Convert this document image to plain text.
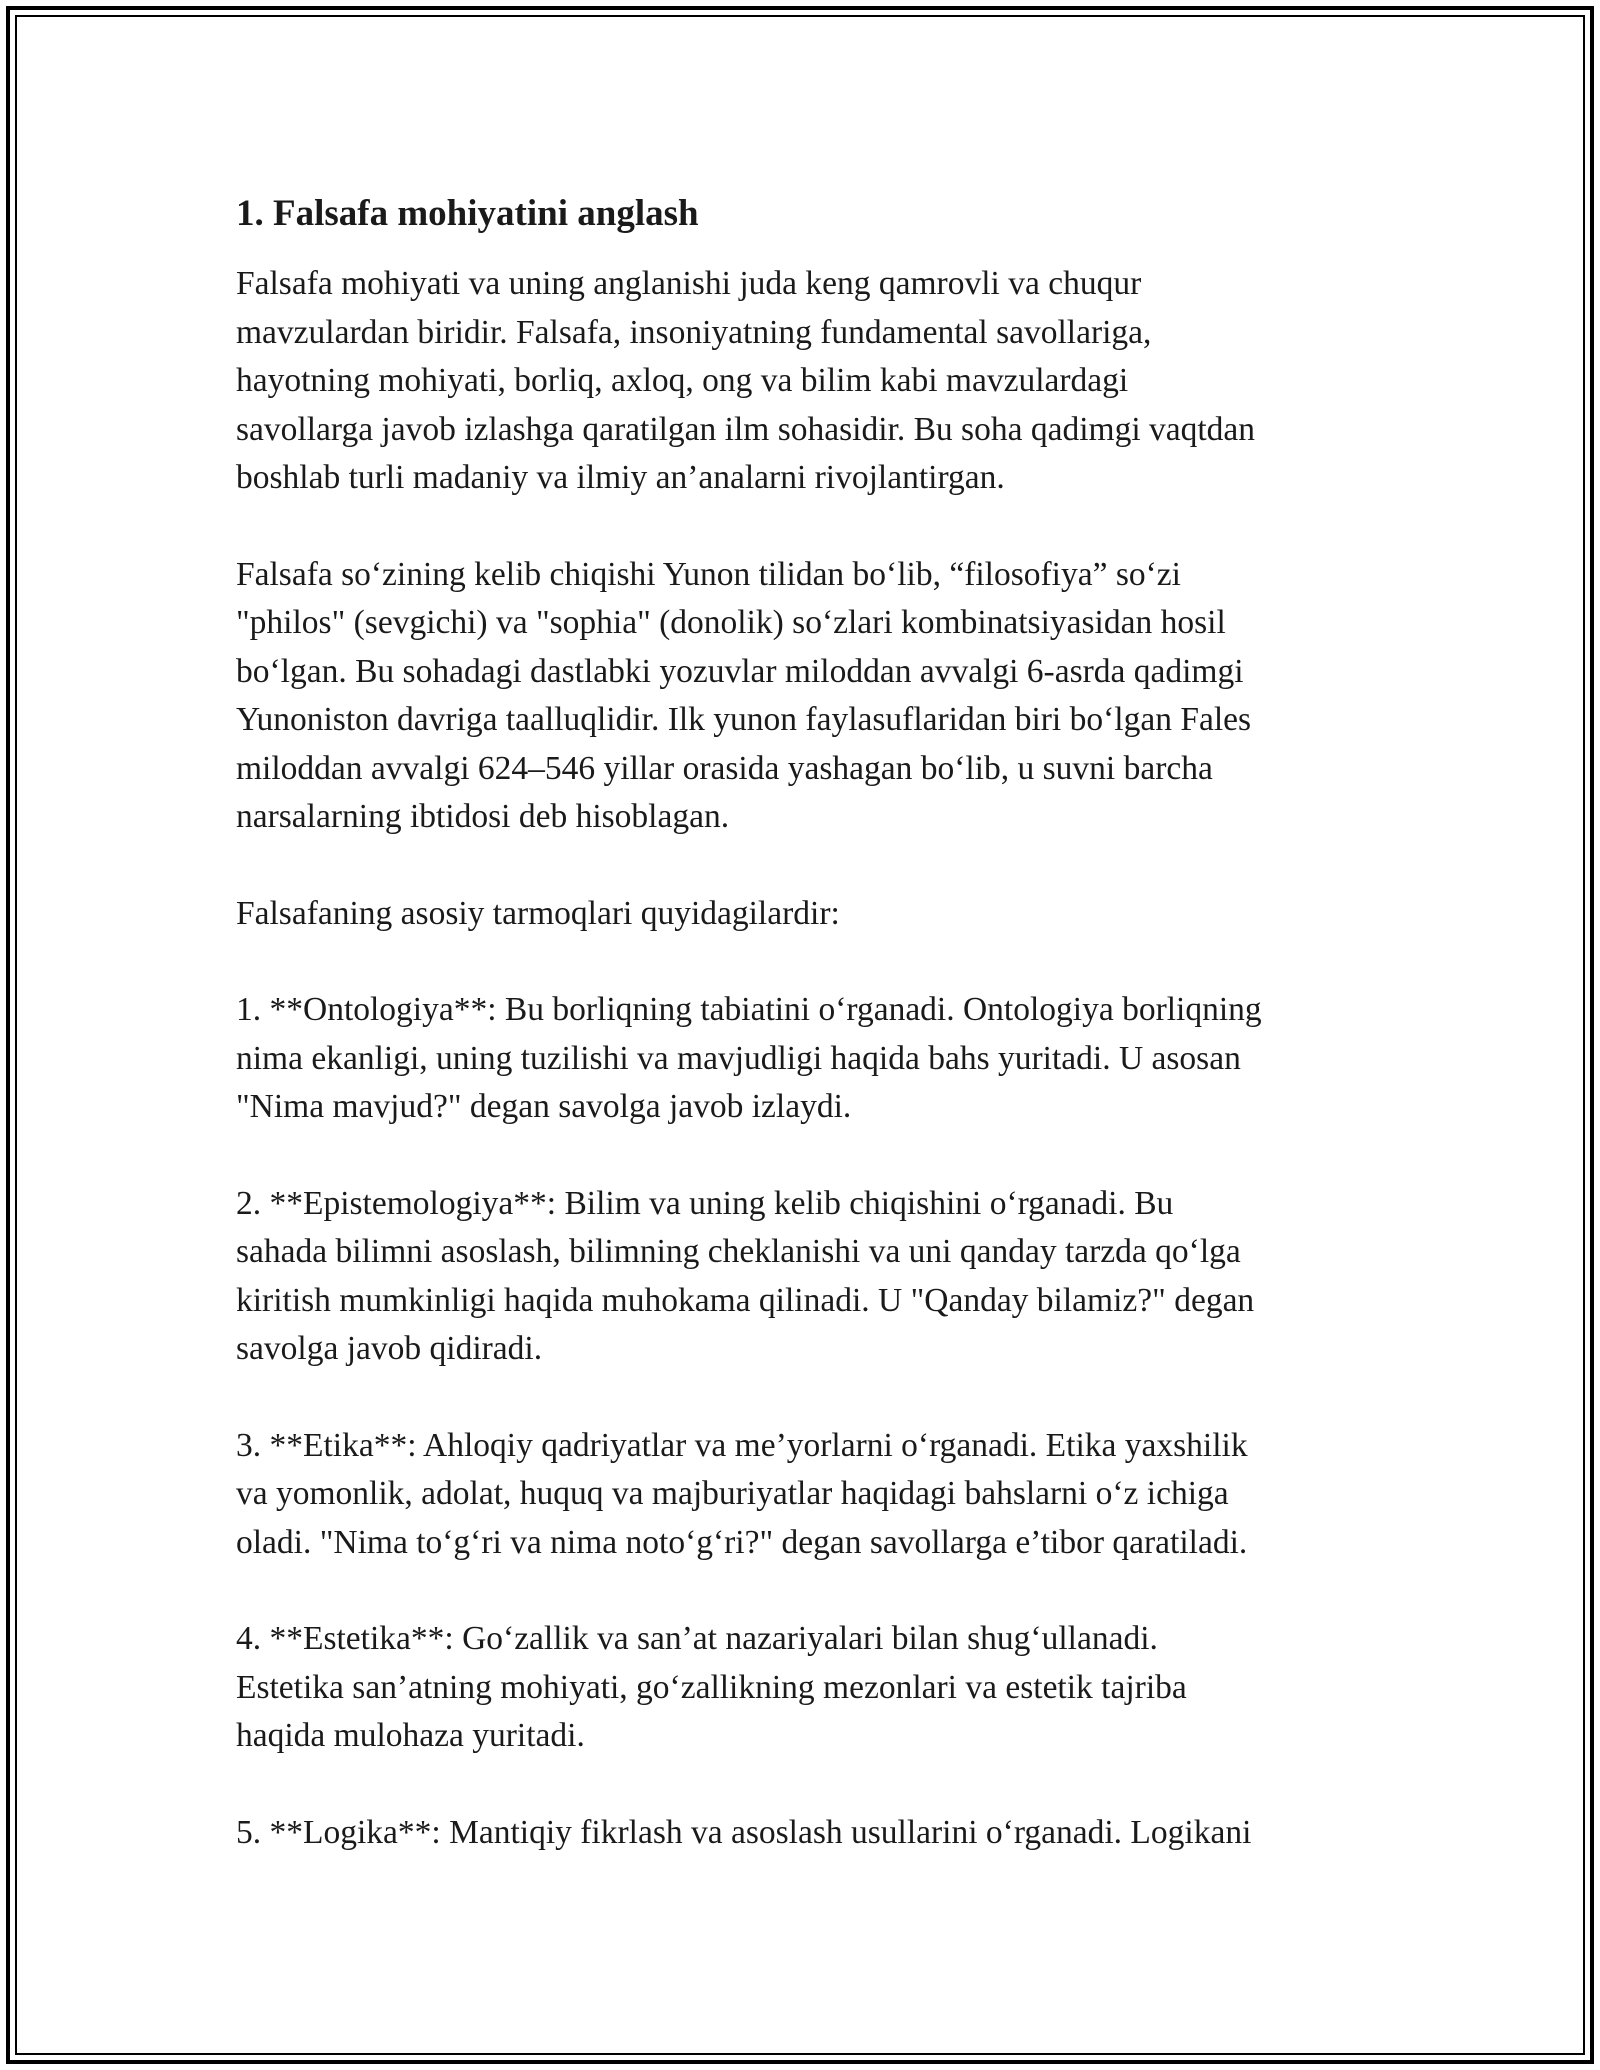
1. Falsafa mohiyatini anglash

Falsafa mohiyati va uning anglanishi juda keng qamrovli va chuqur
mavzulardan biridir. Falsafa, insoniyatning fundamental savollariga,
hayotning mohiyati, borliq, axloq, ong va bilim kabi mavzulardagi
savollarga javob izlashga qaratilgan ilm sohasidir. Bu soha qadimgi vaqtdan
boshlab turli madaniy va ilmiy an’analarni rivojlantirgan.

Falsafa so‘zining kelib chiqishi Yunon tilidan bo‘lib, “filosofiya” so‘zi
"philos" (sevgichi) va "sophia" (donolik) so‘zlari kombinatsiyasidan hosil
bo‘lgan. Bu sohadagi dastlabki yozuvlar miloddan avvalgi 6-asrda qadimgi
Yunoniston davriga taalluqlidir. Ilk yunon faylasuflaridan biri bo‘lgan Fales
miloddan avvalgi 624–546 yillar orasida yashagan bo‘lib, u suvni barcha
narsalarning ibtidosi deb hisoblagan.

Falsafaning asosiy tarmoqlari quyidagilardir:

1. **Ontologiya**: Bu borliqning tabiatini o‘rganadi. Ontologiya borliqning
nima ekanligi, uning tuzilishi va mavjudligi haqida bahs yuritadi. U asosan
"Nima mavjud?" degan savolga javob izlaydi.

2. **Epistemologiya**: Bilim va uning kelib chiqishini o‘rganadi. Bu
sahada bilimni asoslash, bilimning cheklanishi va uni qanday tarzda qo‘lga
kiritish mumkinligi haqida muhokama qilinadi. U "Qanday bilamiz?" degan
savolga javob qidiradi.

3. **Etika**: Ahloqiy qadriyatlar va me’yorlarni o‘rganadi. Etika yaxshilik
va yomonlik, adolat, huquq va majburiyatlar haqidagi bahslarni o‘z ichiga
oladi. "Nima to‘g‘ri va nima noto‘g‘ri?" degan savollarga e’tibor qaratiladi.

4. **Estetika**: Go‘zallik va san’at nazariyalari bilan shug‘ullanadi.
Estetika san’atning mohiyati, go‘zallikning mezonlari va estetik tajriba
haqida mulohaza yuritadi.

5. **Logika**: Mantiqiy fikrlash va asoslash usullarini o‘rganadi. Logikani
